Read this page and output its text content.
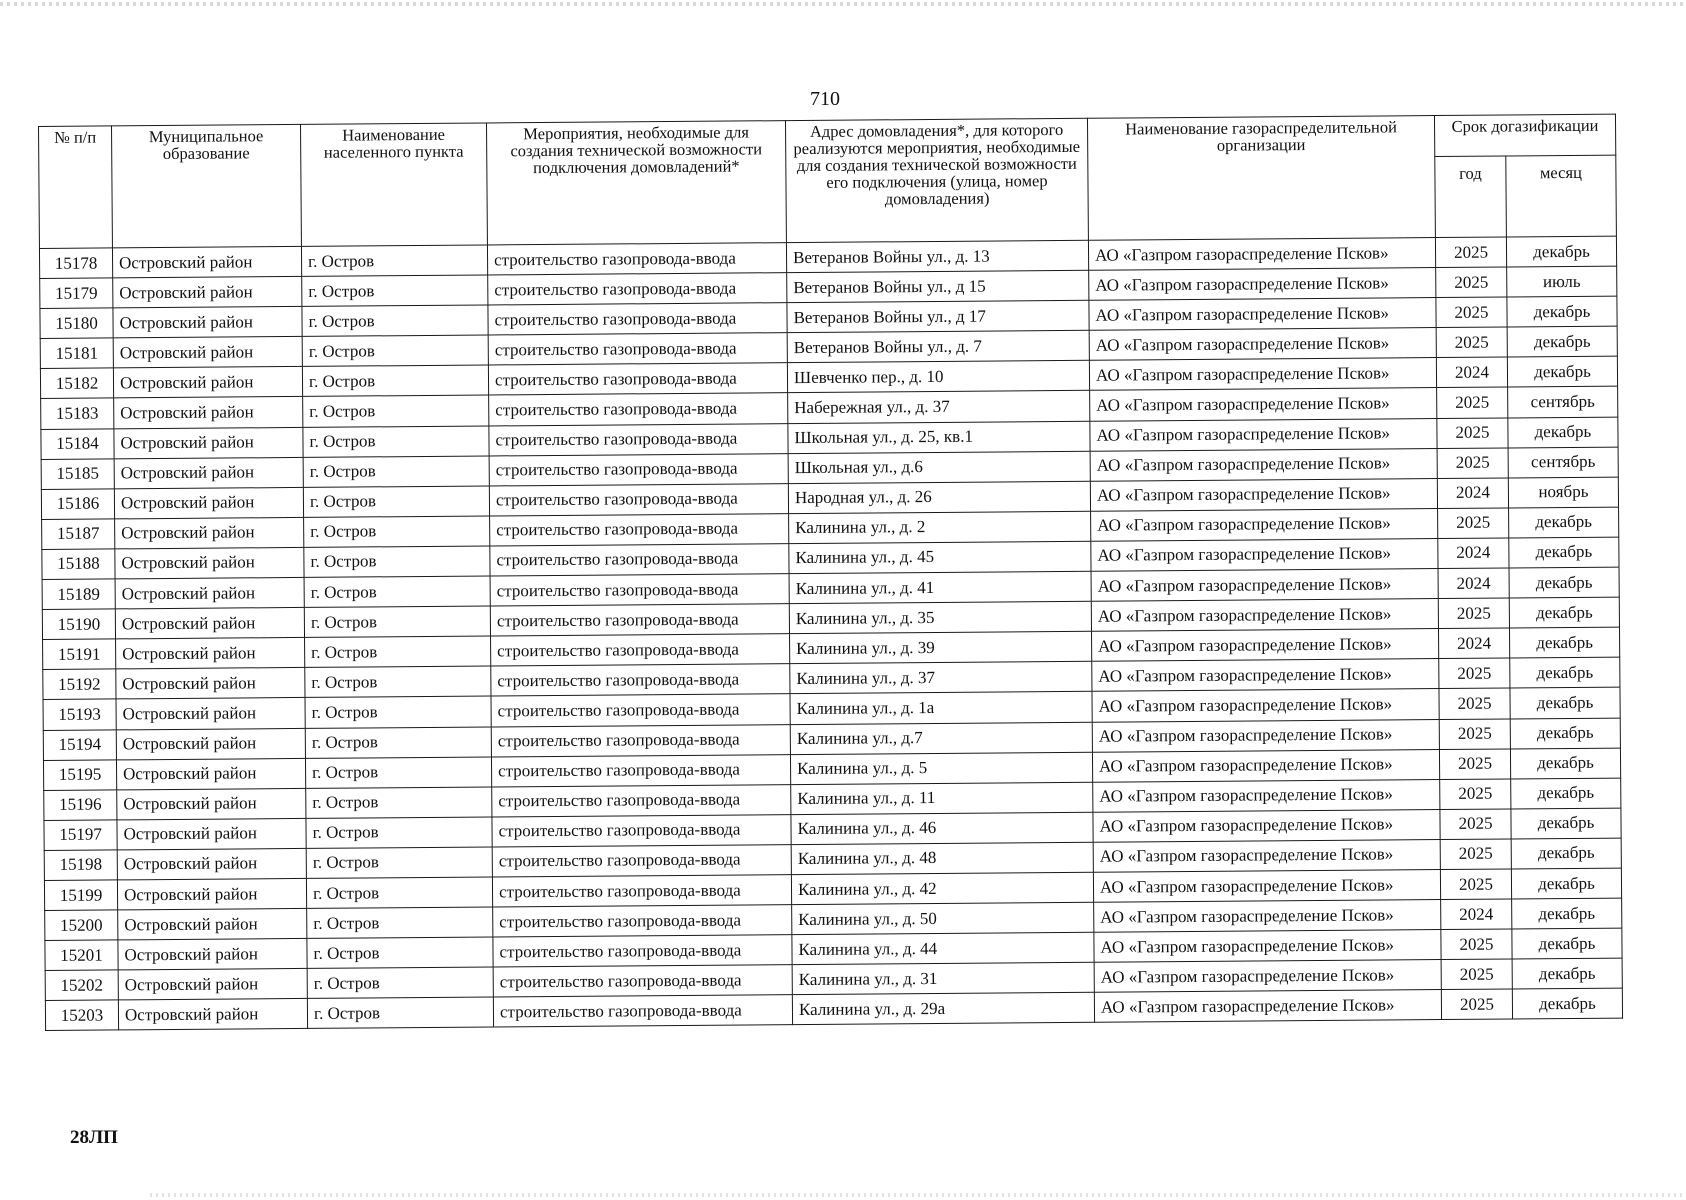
710
№ п/п	Муниципальное образование	Наименование населенного пункта	Мероприятия, необходимые для создания технической возможности подключения домовладений*	Адрес домовладения*, для которого реализуются мероприятия, необходимые для создания технической возможности его подключения (улица, номер домовладения)	Наименование газораспределительной организации	Срок догазификации	
						год	месяц
15178	Островский район	г. Остров	строительство газопровода-ввода	Ветеранов Войны ул., д. 13	АО «Газпром газораспределение Псков»	2025	декабрь
15179	Островский район	г. Остров	строительство газопровода-ввода	Ветеранов Войны ул., д 15	АО «Газпром газораспределение Псков»	2025	июль
15180	Островский район	г. Остров	строительство газопровода-ввода	Ветеранов Войны ул., д 17	АО «Газпром газораспределение Псков»	2025	декабрь
15181	Островский район	г. Остров	строительство газопровода-ввода	Ветеранов Войны ул., д. 7	АО «Газпром газораспределение Псков»	2025	декабрь
15182	Островский район	г. Остров	строительство газопровода-ввода	Шевченко пер., д. 10	АО «Газпром газораспределение Псков»	2024	декабрь
15183	Островский район	г. Остров	строительство газопровода-ввода	Набережная ул., д. 37	АО «Газпром газораспределение Псков»	2025	сентябрь
15184	Островский район	г. Остров	строительство газопровода-ввода	Школьная ул., д. 25, кв.1	АО «Газпром газораспределение Псков»	2025	декабрь
15185	Островский район	г. Остров	строительство газопровода-ввода	Школьная ул., д.6	АО «Газпром газораспределение Псков»	2025	сентябрь
15186	Островский район	г. Остров	строительство газопровода-ввода	Народная ул., д. 26	АО «Газпром газораспределение Псков»	2024	ноябрь
15187	Островский район	г. Остров	строительство газопровода-ввода	Калинина ул., д. 2	АО «Газпром газораспределение Псков»	2025	декабрь
15188	Островский район	г. Остров	строительство газопровода-ввода	Калинина ул., д. 45	АО «Газпром газораспределение Псков»	2024	декабрь
15189	Островский район	г. Остров	строительство газопровода-ввода	Калинина ул., д. 41	АО «Газпром газораспределение Псков»	2024	декабрь
15190	Островский район	г. Остров	строительство газопровода-ввода	Калинина ул., д. 35	АО «Газпром газораспределение Псков»	2025	декабрь
15191	Островский район	г. Остров	строительство газопровода-ввода	Калинина ул., д. 39	АО «Газпром газораспределение Псков»	2024	декабрь
15192	Островский район	г. Остров	строительство газопровода-ввода	Калинина ул., д. 37	АО «Газпром газораспределение Псков»	2025	декабрь
15193	Островский район	г. Остров	строительство газопровода-ввода	Калинина ул., д. 1а	АО «Газпром газораспределение Псков»	2025	декабрь
15194	Островский район	г. Остров	строительство газопровода-ввода	Калинина ул., д.7	АО «Газпром газораспределение Псков»	2025	декабрь
15195	Островский район	г. Остров	строительство газопровода-ввода	Калинина ул., д. 5	АО «Газпром газораспределение Псков»	2025	декабрь
15196	Островский район	г. Остров	строительство газопровода-ввода	Калинина ул., д. 11	АО «Газпром газораспределение Псков»	2025	декабрь
15197	Островский район	г. Остров	строительство газопровода-ввода	Калинина ул., д. 46	АО «Газпром газораспределение Псков»	2025	декабрь
15198	Островский район	г. Остров	строительство газопровода-ввода	Калинина ул., д. 48	АО «Газпром газораспределение Псков»	2025	декабрь
15199	Островский район	г. Остров	строительство газопровода-ввода	Калинина ул., д. 42	АО «Газпром газораспределение Псков»	2025	декабрь
15200	Островский район	г. Остров	строительство газопровода-ввода	Калинина ул., д. 50	АО «Газпром газораспределение Псков»	2024	декабрь
15201	Островский район	г. Остров	строительство газопровода-ввода	Калинина ул., д. 44	АО «Газпром газораспределение Псков»	2025	декабрь
15202	Островский район	г. Остров	строительство газопровода-ввода	Калинина ул., д. 31	АО «Газпром газораспределение Псков»	2025	декабрь
15203	Островский район	г. Остров	строительство газопровода-ввода	Калинина ул., д. 29а	АО «Газпром газораспределение Псков»	2025	декабрь
28ЛП
